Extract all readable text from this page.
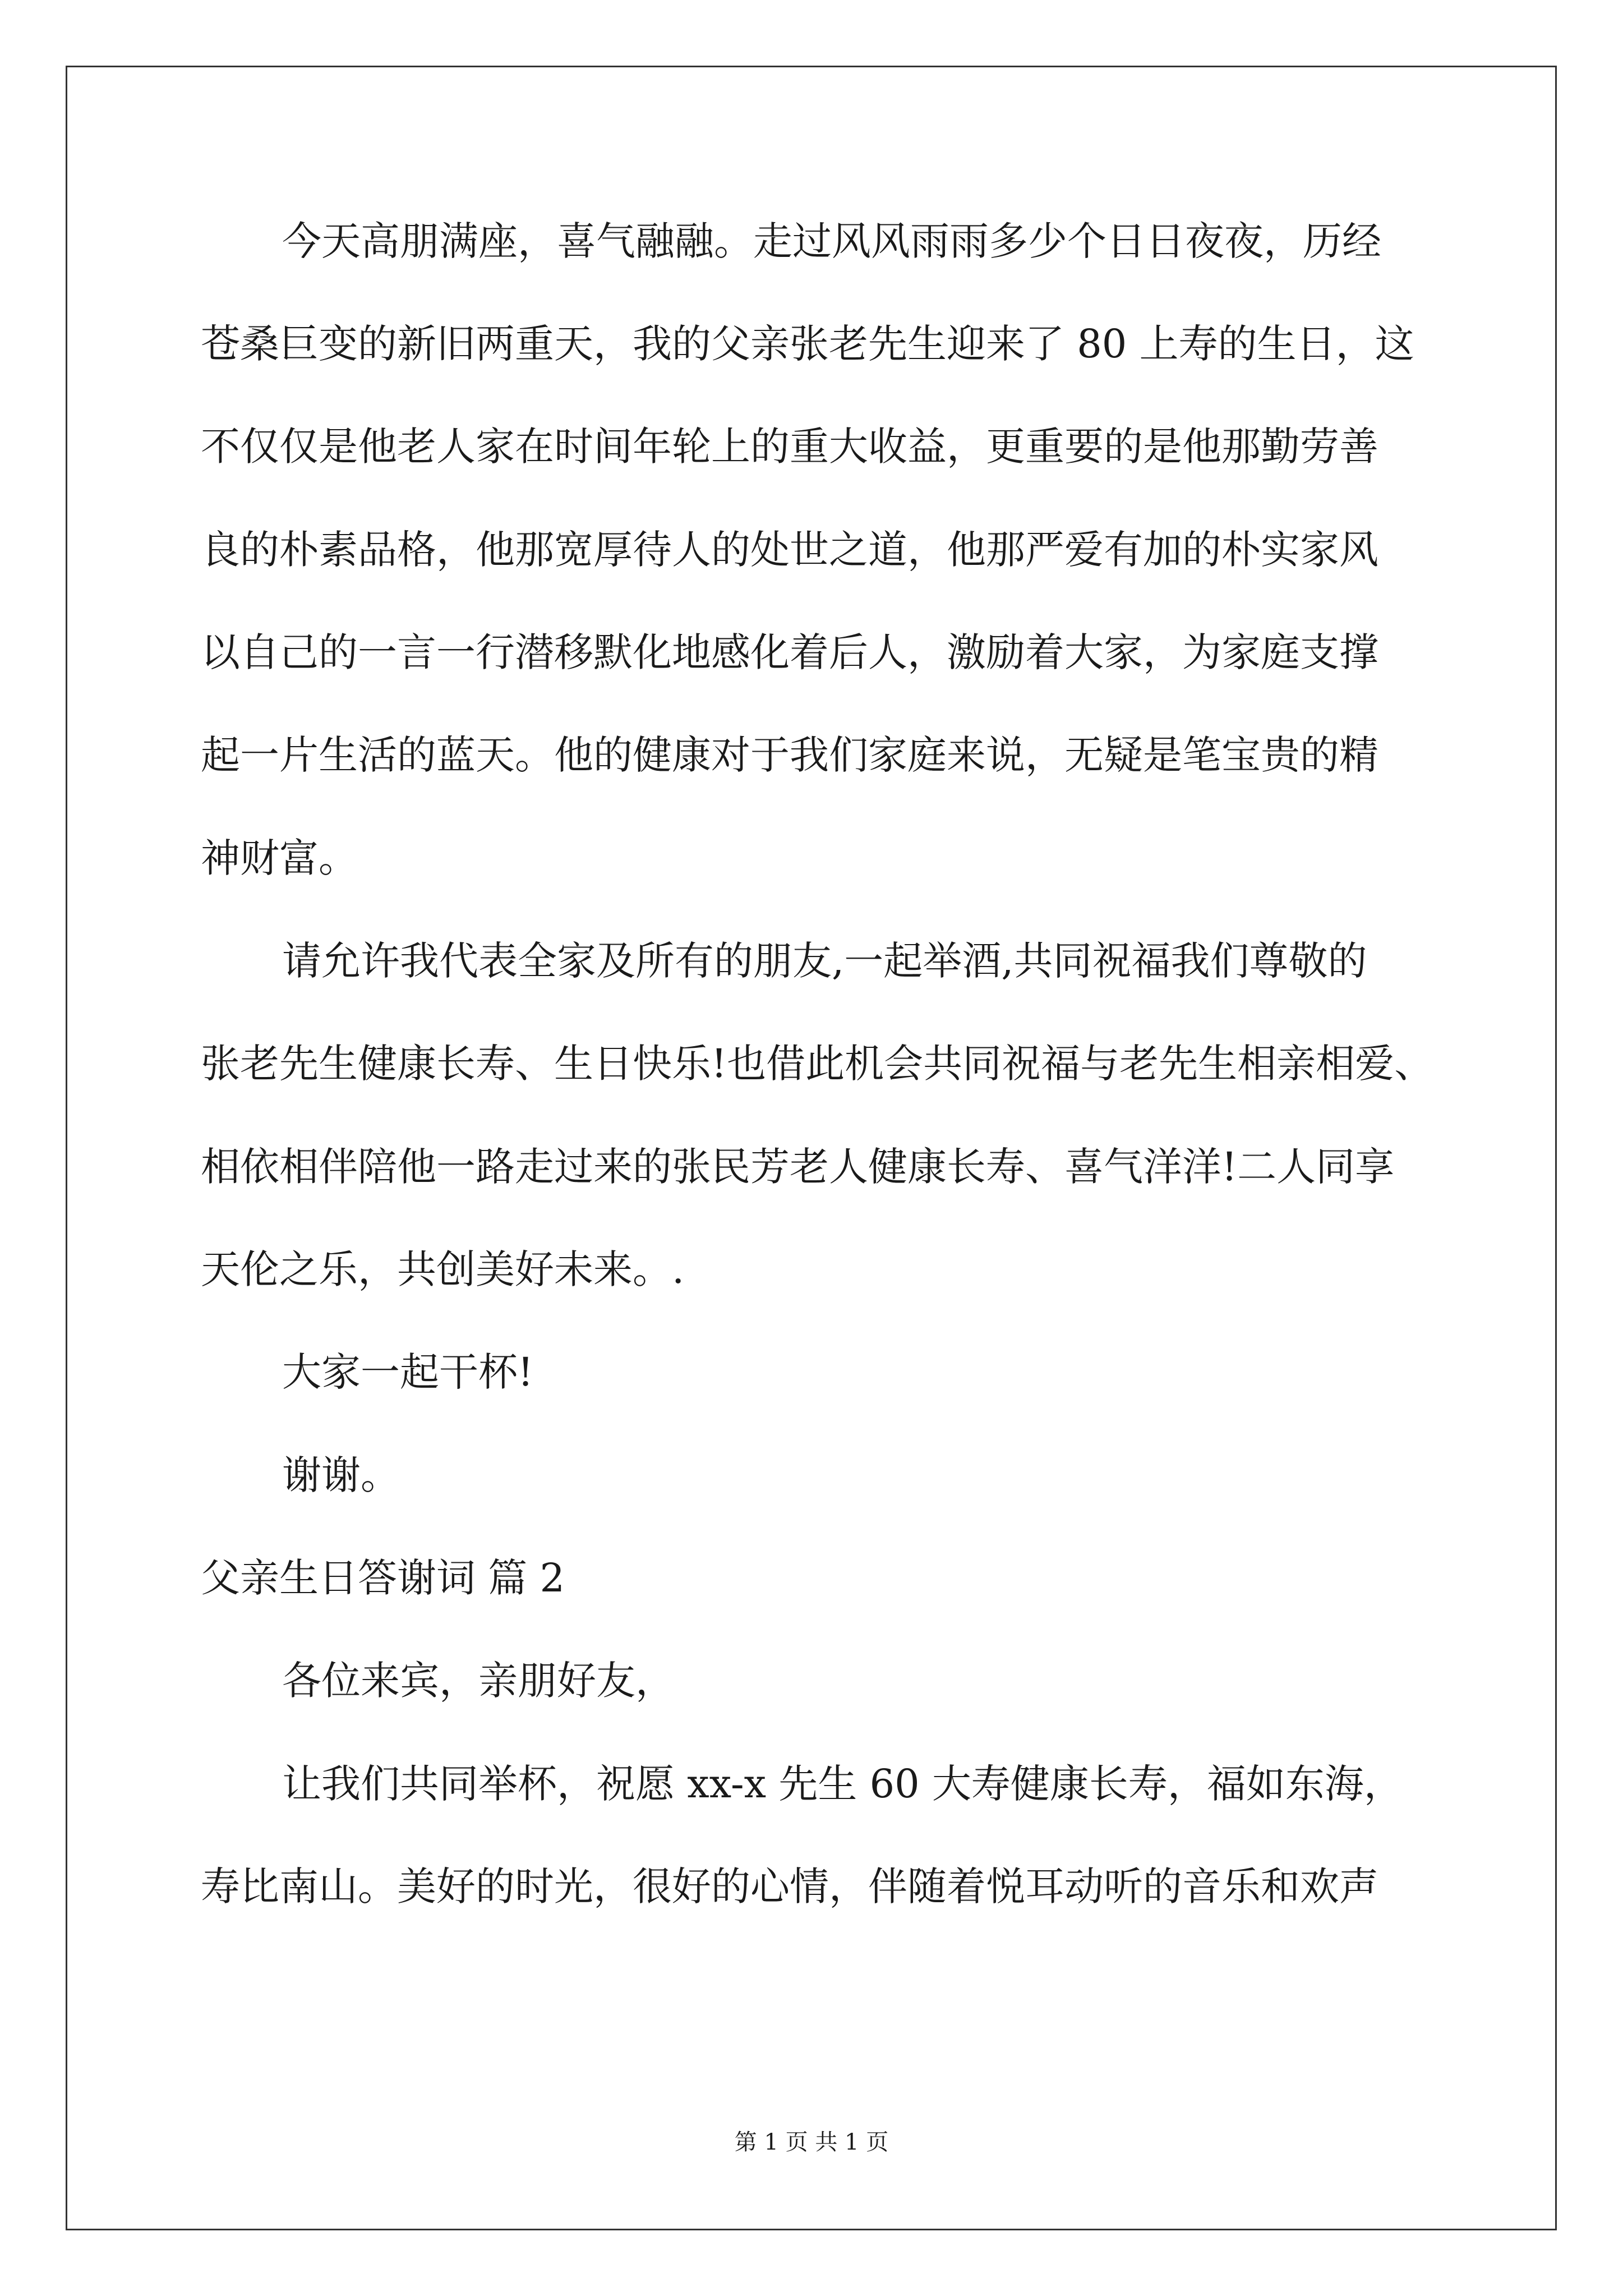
今天高朋满座，喜气融融。走过风风雨雨多少个日日夜夜，历经
苍桑巨变的新旧两重天，我的父亲张老先生迎来了 80 上寿的生日，这
不仅仅是他老人家在时间年轮上的重大收益，更重要的是他那勤劳善
良的朴素品格，他那宽厚待人的处世之道，他那严爱有加的朴实家风
以自己的一言一行潜移默化地感化着后人，激励着大家，为家庭支撑
起一片生活的蓝天。他的健康对于我们家庭来说，无疑是笔宝贵的精
神财富。
请允许我代表全家及所有的朋友,一起举酒,共同祝福我们尊敬的
张老先生健康长寿、生日快乐!也借此机会共同祝福与老先生相亲相爱、
相依相伴陪他一路走过来的张民芳老人健康长寿、喜气洋洋!二人同享
天伦之乐，共创美好未来。.
大家一起干杯!
谢谢。
父亲生日答谢词 篇 2
各位来宾，亲朋好友，
让我们共同举杯，祝愿 xx-x 先生 60 大寿健康长寿，福如东海，
寿比南山。美好的时光，很好的心情，伴随着悦耳动听的音乐和欢声
第 1 页 共 1 页
